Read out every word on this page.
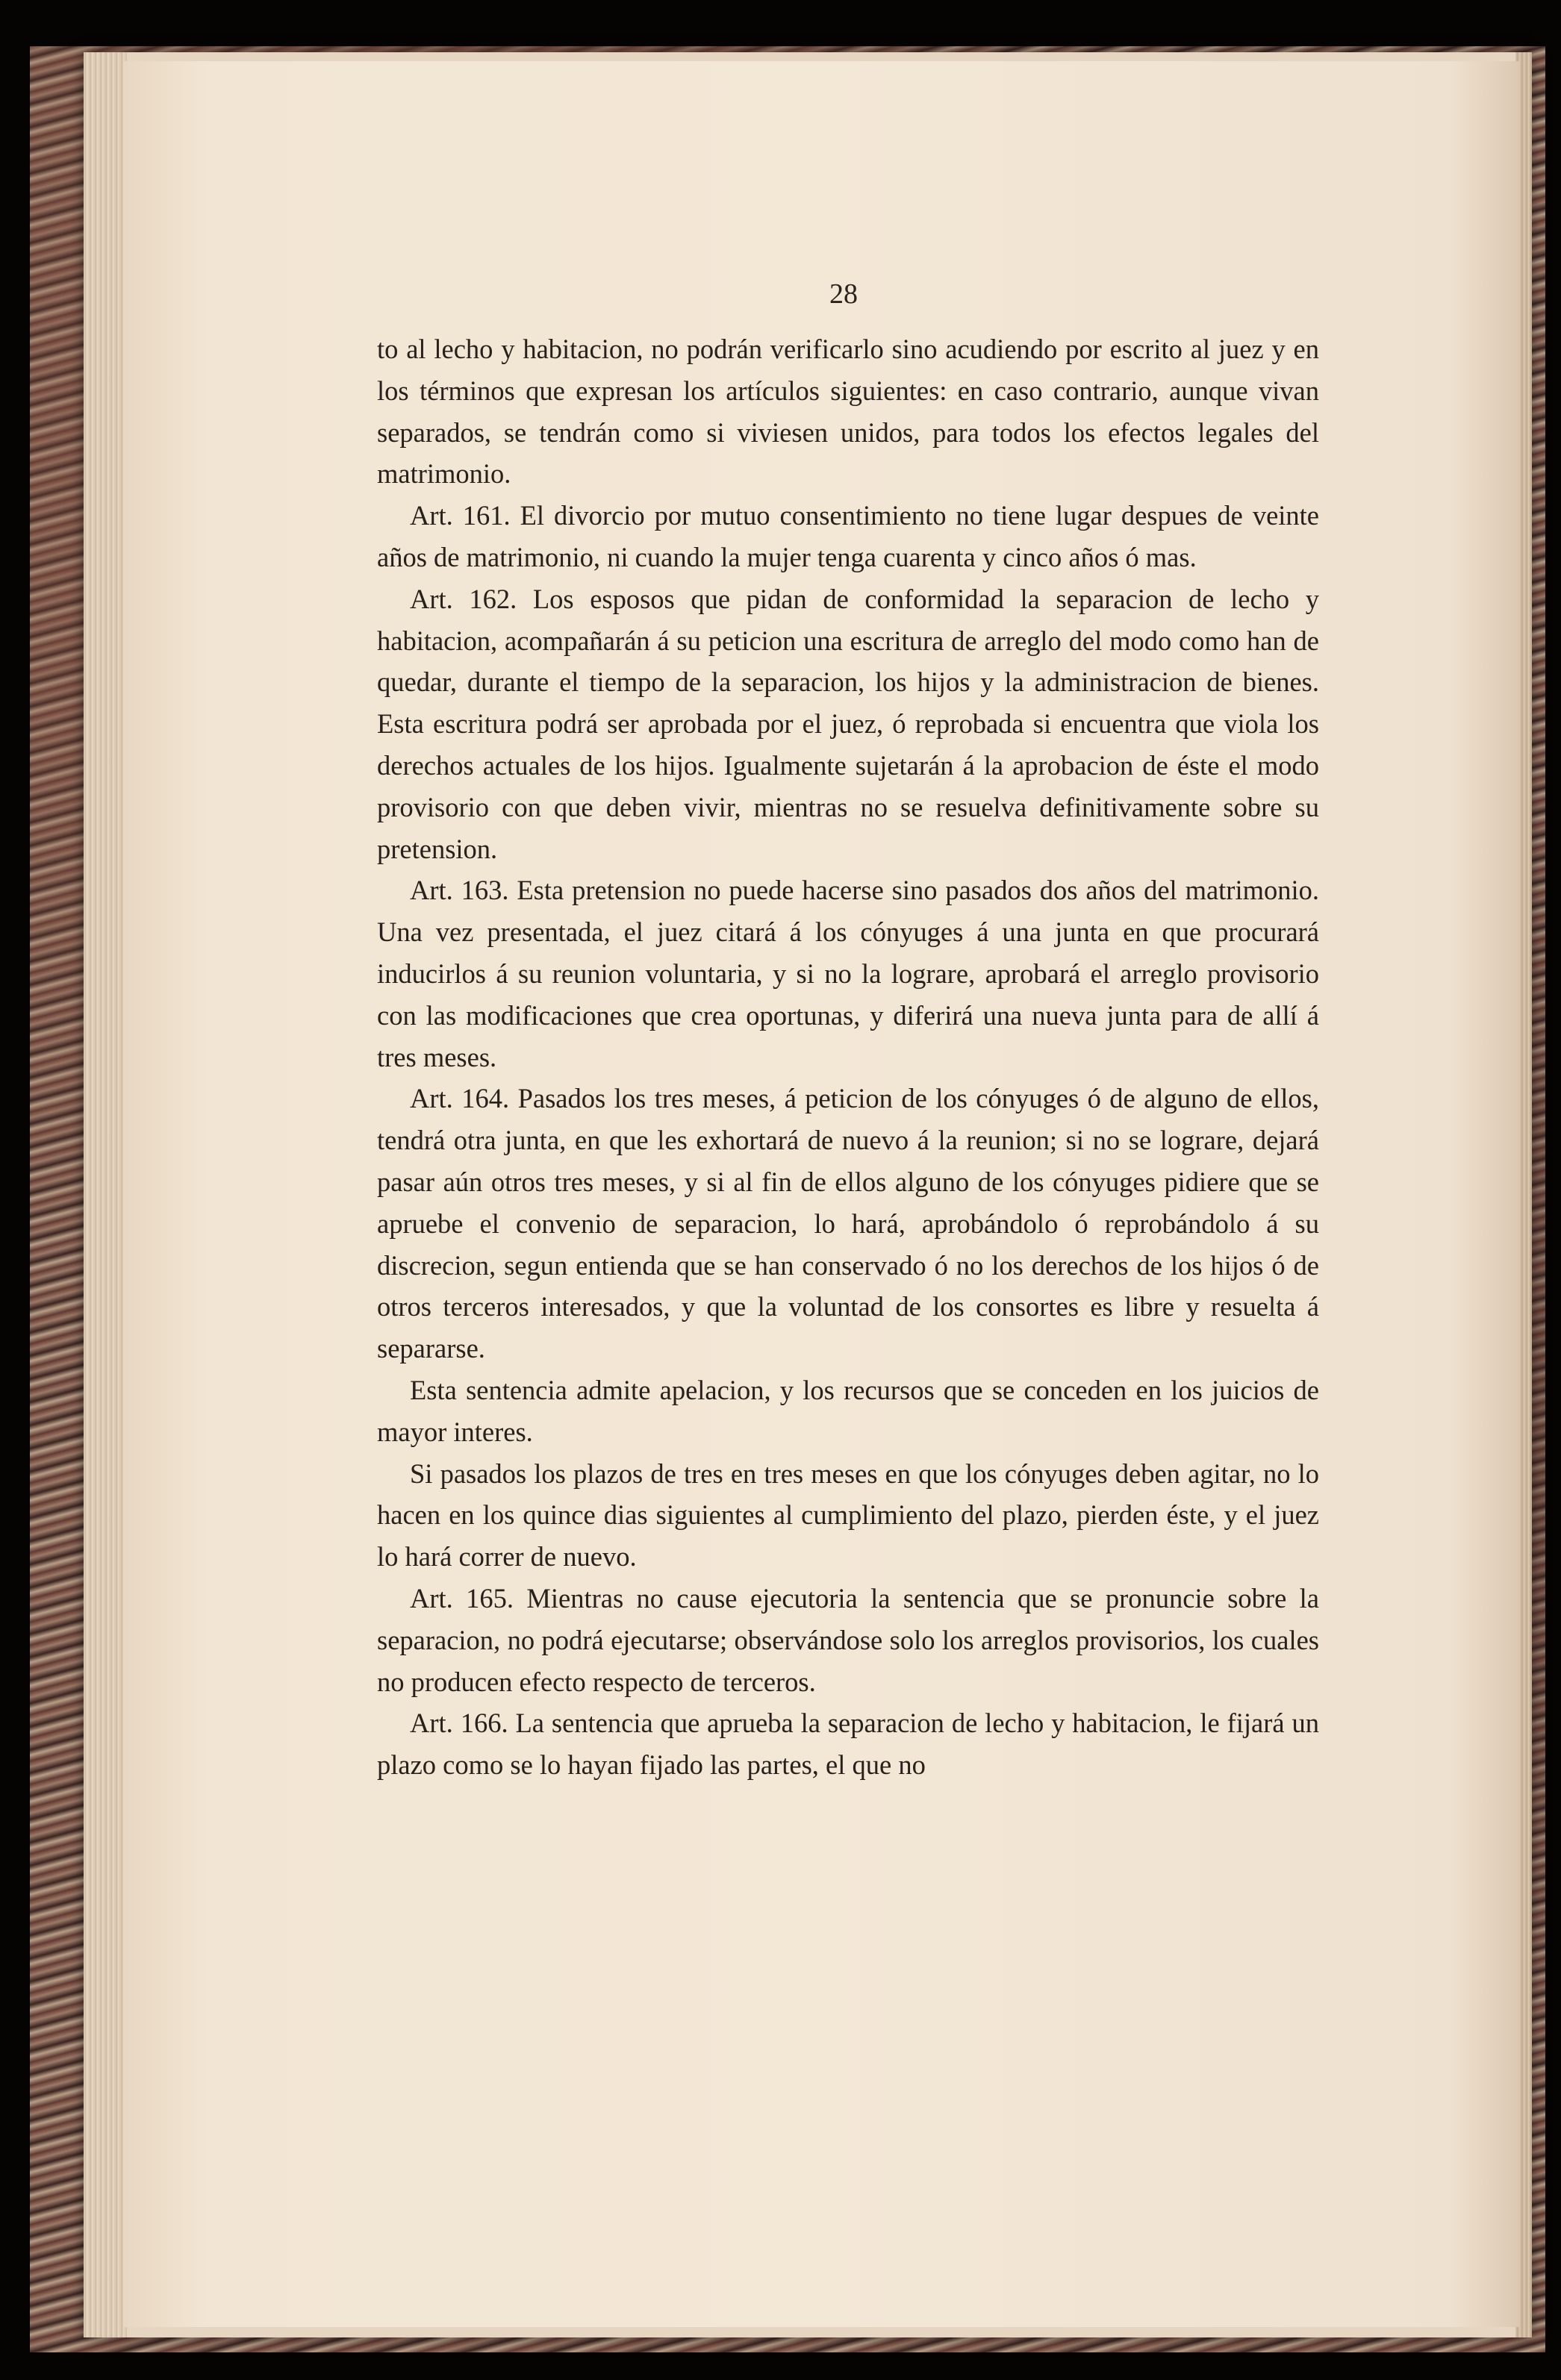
28

to al lecho y habitacion, no podrán verificarlo sino acudiendo por escrito al juez y en los términos que expresan los artículos siguientes: en caso contrario, aunque vivan separados, se tendrán como si viviesen unidos, para todos los efectos legales del matrimonio.

Art. 161. El divorcio por mutuo consentimiento no tiene lugar despues de veinte años de matrimonio, ni cuando la mujer tenga cuarenta y cinco años ó mas.

Art. 162. Los esposos que pidan de conformidad la separacion de lecho y habitacion, acompañarán á su peticion una escritura de arreglo del modo como han de quedar, durante el tiempo de la separacion, los hijos y la administracion de bienes. Esta escritura podrá ser aprobada por el juez, ó reprobada si encuentra que viola los derechos actuales de los hijos. Igualmente sujetarán á la aprobacion de éste el modo provisorio con que deben vivir, mientras no se resuelva definitivamente sobre su pretension.

Art. 163. Esta pretension no puede hacerse sino pasados dos años del matrimonio. Una vez presentada, el juez citará á los cónyuges á una junta en que procurará inducirlos á su reunion voluntaria, y si no la lograre, aprobará el arreglo provisorio con las modificaciones que crea oportunas, y diferirá una nueva junta para de allí á tres meses.

Art. 164. Pasados los tres meses, á peticion de los cónyuges ó de alguno de ellos, tendrá otra junta, en que les exhortará de nuevo á la reunion; si no se lograre, dejará pasar aún otros tres meses, y si al fin de ellos alguno de los cónyuges pidiere que se apruebe el convenio de separacion, lo hará, aprobándolo ó reprobándolo á su discrecion, segun entienda que se han conservado ó no los derechos de los hijos ó de otros terceros interesados, y que la voluntad de los consortes es libre y resuelta á separarse.

Esta sentencia admite apelacion, y los recursos que se conceden en los juicios de mayor interes.

Si pasados los plazos de tres en tres meses en que los cónyuges deben agitar, no lo hacen en los quince dias siguientes al cumplimiento del plazo, pierden éste, y el juez lo hará correr de nuevo.

Art. 165. Mientras no cause ejecutoria la sentencia que se pronuncie sobre la separacion, no podrá ejecutarse; observándose solo los arreglos provisorios, los cuales no producen efecto respecto de terceros.

Art. 166. La sentencia que aprueba la separacion de lecho y habitacion, le fijará un plazo como se lo hayan fijado las partes, el que no
